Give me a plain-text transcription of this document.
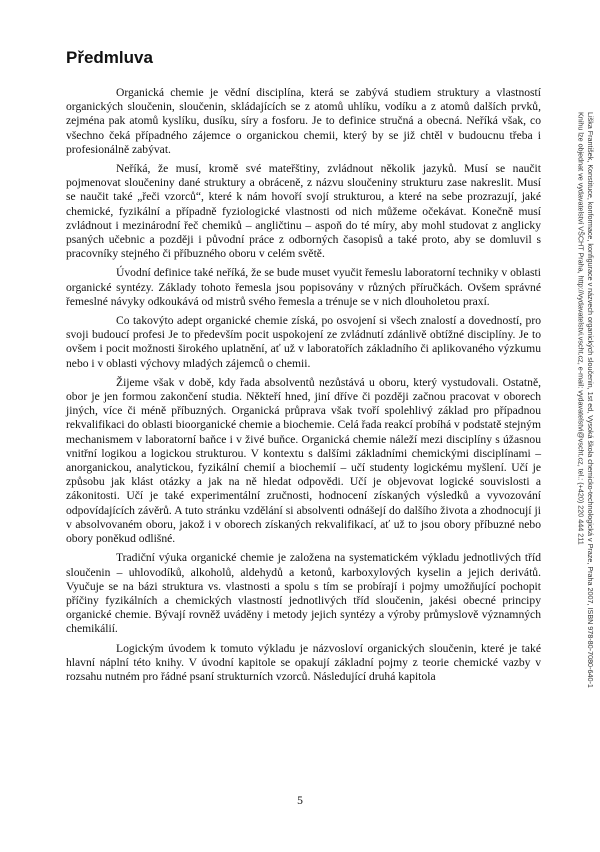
Předmluva

Organická chemie je vědní disciplína, která se zabývá studiem struktury a vlastností organických sloučenin, sloučenin, skládajících se z atomů uhlíku, vodíku a z atomů dalších prvků, zejména pak atomů kyslíku, dusíku, síry a fosforu. Je to definice stručná a obecná. Neříká však, co všechno čeká případného zájemce o organickou chemii, který by se již chtěl v budoucnu třeba i profesionálně zabývat.

Neříká, že musí, kromě své mateřštiny, zvládnout několik jazyků. Musí se naučit pojmenovat sloučeniny dané struktury a obráceně, z názvu sloučeniny strukturu zase nakreslit. Musí se naučit také „řeči vzorců“, které k nám hovoří svojí strukturou, a které na sebe prozrazují, jaké chemické, fyzikální a případně fyziologické vlastnosti od nich můžeme očekávat. Konečně musí zvládnout i mezinárodní řeč chemiků – angličtinu – aspoň do té míry, aby mohl studovat z anglicky psaných učebnic a později i původní práce z odborných časopisů a také proto, aby se domluvil s pracovníky stejného či příbuzného oboru v celém světě.

Úvodní definice také neříká, že se bude muset vyučit řemeslu laboratorní techniky v oblasti organické syntézy. Základy tohoto řemesla jsou popisovány v různých příručkách. Ovšem správné řemeslné návyky odkoukává od mistrů svého řemesla a trénuje se v nich dlouholetou praxí.

Co takovýto adept organické chemie získá, po osvojení si všech znalostí a dovedností, pro svoji budoucí profesi Je to především pocit uspokojení ze zvládnutí zdánlivě obtížné disciplíny. Je to ovšem i pocit možnosti širokého uplatnění, ať už v laboratořích základního či aplikovaného výzkumu nebo i v oblasti výchovy mladých zájemců o chemii.

Žijeme však v době, kdy řada absolventů nezůstává u oboru, který vystudovali. Ostatně, obor je jen formou zakončení studia. Někteří hned, jiní dříve či později začnou pracovat v oborech jiných, více či méně příbuzných. Organická průprava však tvoří spolehlivý základ pro případnou rekvalifikaci do oblasti bioorganické chemie a biochemie. Celá řada reakcí probíhá v podstatě stejným mechanismem v laboratorní baňce i v živé buňce. Organická chemie náleží mezi disciplíny s úžasnou vnitřní logikou a logickou strukturou. V kontextu s dalšími základními chemickými disciplínami – anorganickou, analytickou, fyzikální chemií a biochemií – učí studenty logickému myšlení. Učí je způsobu jak klást otázky a jak na ně hledat odpovědi. Učí je objevovat logické souvislosti a zákonitosti. Učí je také experimentální zručnosti, hodnocení získaných výsledků a vyvozování odpovídajících závěrů. A tuto stránku vzdělání si absolventi odnášejí do dalšího života a zhodnocují ji v absolvovaném oboru, jakož i v oborech získaných rekvalifikací, ať už to jsou obory příbuzné nebo obory poněkud odlišné.

Tradiční výuka organické chemie je založena na systematickém výkladu jednotlivých tříd sloučenin – uhlovodíků, alkoholů, aldehydů a ketonů, karboxylových kyselin a jejich derivátů. Vyučuje se na bázi struktura vs. vlastnosti a spolu s tím se probírají i pojmy umožňující pochopit příčiny fyzikálních a chemických vlastností jednotlivých tříd sloučenin, jakési obecné principy organické chemie. Bývají rovněž uváděny i metody jejich syntézy a výroby průmyslově významných chemikálií.

Logickým úvodem k tomuto výkladu je názvosloví organických sloučenin, které je také hlavní náplní této knihy. V úvodní kapitole se opakují základní pojmy z teorie chemické vazby v rozsahu nutném pro řádné psaní strukturních vzorců. Následující druhá kapitola	Liška František, Konstituce, konformace, konfigurace v názvech organických sloučenin, 1st ed, Vysoká škola chemicko-technologická v Praze, Praha 2007, ISBN 978-80-7080-640-1 Knihu lze objednat ve vydavatelství VŠCHT Praha, http://vydavatelstvi.vscht.cz, e-mail: vydavatelstvi@vscht.cz, tel.: (+420) 220 444 211
5
